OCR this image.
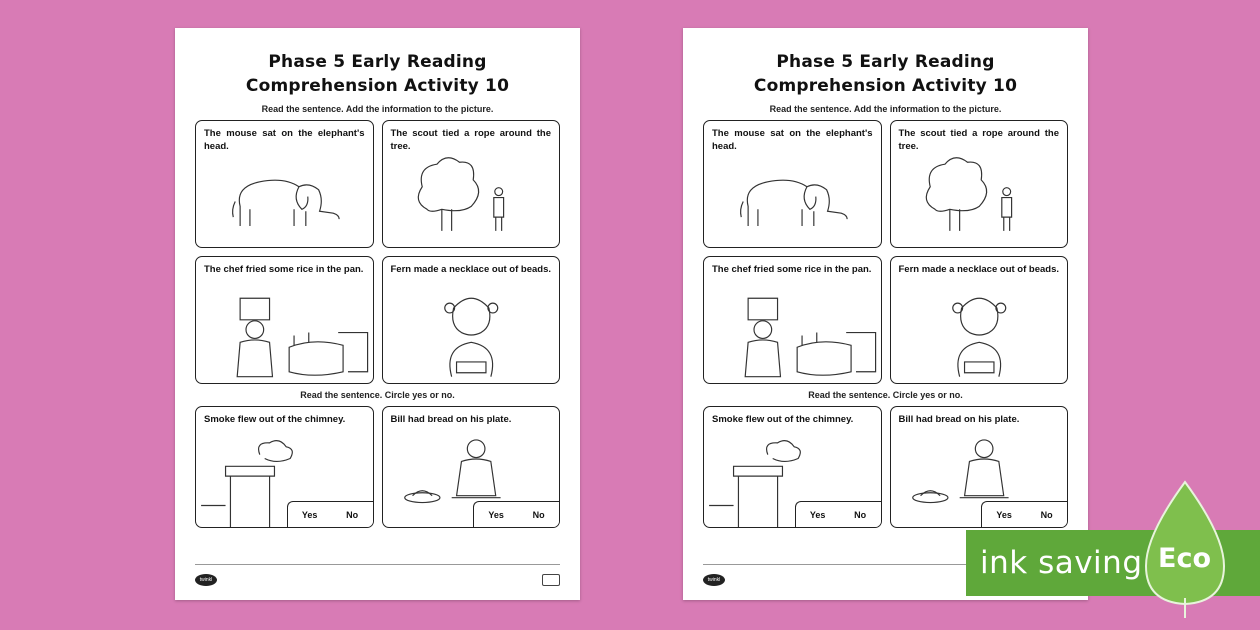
Phase 5 Early Reading
Comprehension Activity 10
Read the sentence. Add the information to the picture.
The mouse sat on the elephant's head.
The scout tied a rope around the tree.
The chef fried some rice in the pan.	Fern made a necklace out of beads.
Read the sentence. Circle yes or no.
Smoke flew out of the chimney.
Yes	No
Bill had bread on his plate.
Yes	No
twinkl
Phase 5 Early Reading
Comprehension Activity 10
Read the sentence. Add the information to the picture.
The mouse sat on the elephant's head.
The scout tied a rope around the tree.
The chef fried some rice in the pan.	Fern made a necklace out of beads.
Read the sentence. Circle yes or no.
Smoke flew out of the chimney.
Yes	No
Bill had bread on his plate.
Yes	No
twinkl	ink saving Eco
